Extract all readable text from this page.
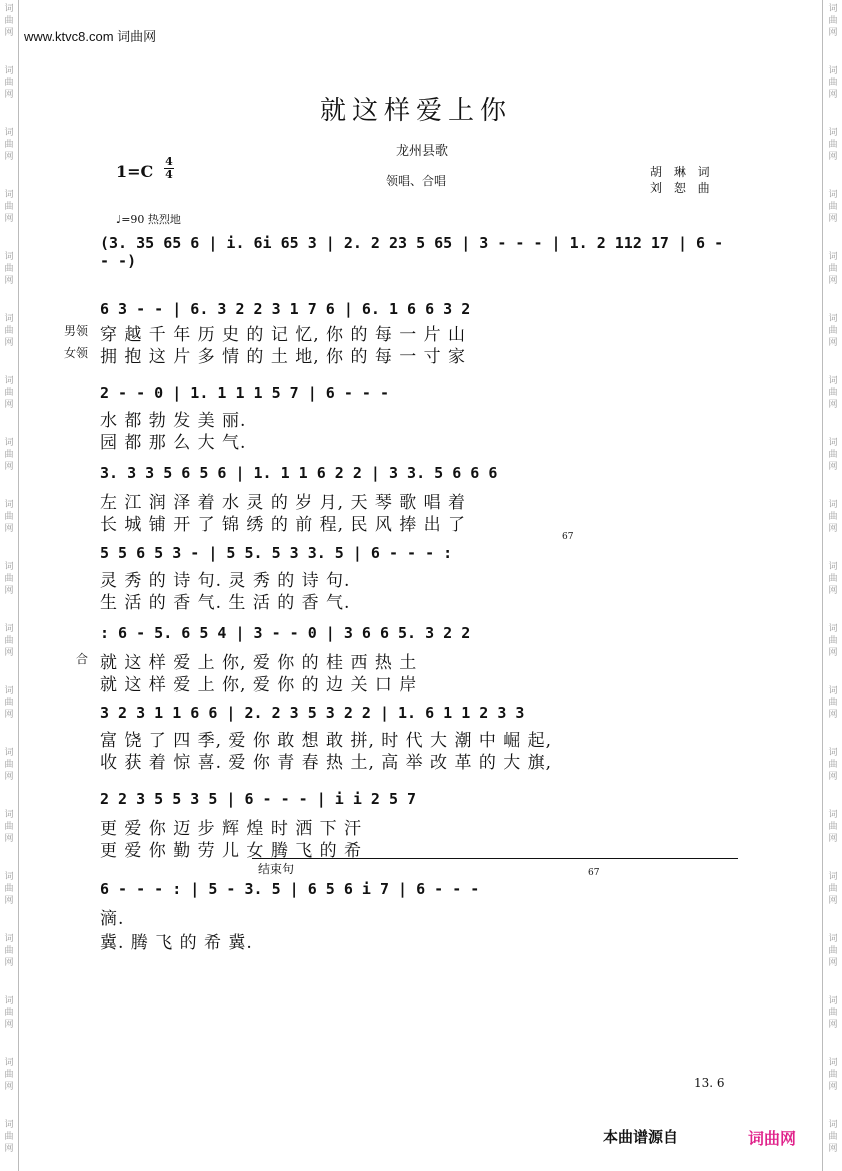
词
曲
网
词
曲
网
词
曲
网
词
曲
网
词
曲
网
词
曲
网
词
曲
网
词
曲
网
词
曲
网
词
曲
网
词
曲
网
词
曲
网
词
曲
网
词
曲
网
词
曲
网
词
曲
网
词
曲
网
词
曲
网
词
曲
网
词
曲
网
词
曲
网
词
曲
网
词
曲
网
词
曲
网
词
曲
网
词
曲
网
词
曲
网
词
曲
网
词
曲
网
词
曲
网
词
曲
网
词
曲
网
词
曲
网
词
曲
网
词
曲
网
词
曲
网
词
曲
网
词
曲
网
www.ktvc8.com 词曲网
就这样爱上你
龙州县歌
领唱、合唱
胡 琳 词
刘 恕 曲
$1=C \frac{4}{4}$
♩=90 热烈地
(3. 35 65 6 | i. 6i 65 3 | 2. 2 23 5 65 | 3 - - - | 1. 2 112 17 | 6 - - -)
6 3 - - | 6. 3 2 2 3 1 7 6 | 6. 1 6 6 3 2
男领
女领
穿 越 千 年 历 史 的 记 忆, 你 的 每 一 片 山
拥 抱 这 片 多 情 的 土 地, 你 的 每 一 寸 家
2 - - 0 | 1. 1 1 1 5 7 | 6 - - -
水 都 勃 发 美 丽.
园 都 那 么 大 气.
3. 3 3 5 6 5 6 | 1. 1 1 6 2 2 | 3 3. 5 6 6 6
左 江 润 泽 着 水 灵 的 岁 月, 天 琴 歌 唱 着
长 城 铺 开 了 锦 绣 的 前 程, 民 风 捧 出 了
5 5 6 5 3 - | 5 5. 5 3 3. 5 | 6 - - - :
67
灵 秀 的 诗 句. 灵 秀 的 诗 句.
生 活 的 香 气. 生 活 的 香 气.
: 6 - 5. 6 5 4 | 3 - - 0 | 3 6 6 5. 3 2 2
合 就 这 样 爱 上 你, 爱 你 的 桂 西 热 土
就 这 样 爱 上 你, 爱 你 的 边 关 口 岸
3 2 3 1 1 6 6 | 2. 2 3 5 3 2 2 | 1. 6 1 1 2 3 3
富 饶 了 四 季, 爱 你 敢 想 敢 拼, 时 代 大 潮 中 崛 起,
收 获 着 惊 喜. 爱 你 青 春 热 土, 高 举 改 革 的 大 旗,
2 2 3 5 5 3 5 | 6 - - - | i i 2 5 7
更 爱 你 迈 步 辉 煌 时 洒 下 汗
更 爱 你 勤 劳 儿 女 腾 飞 的 希
结束句
6 - - - : | 5 - 3. 5 | 6 5 6 i 7 | 6 - - -
67
滴.
冀. 腾 飞 的 希 冀.
13. 6
本曲谱源自	词曲网
